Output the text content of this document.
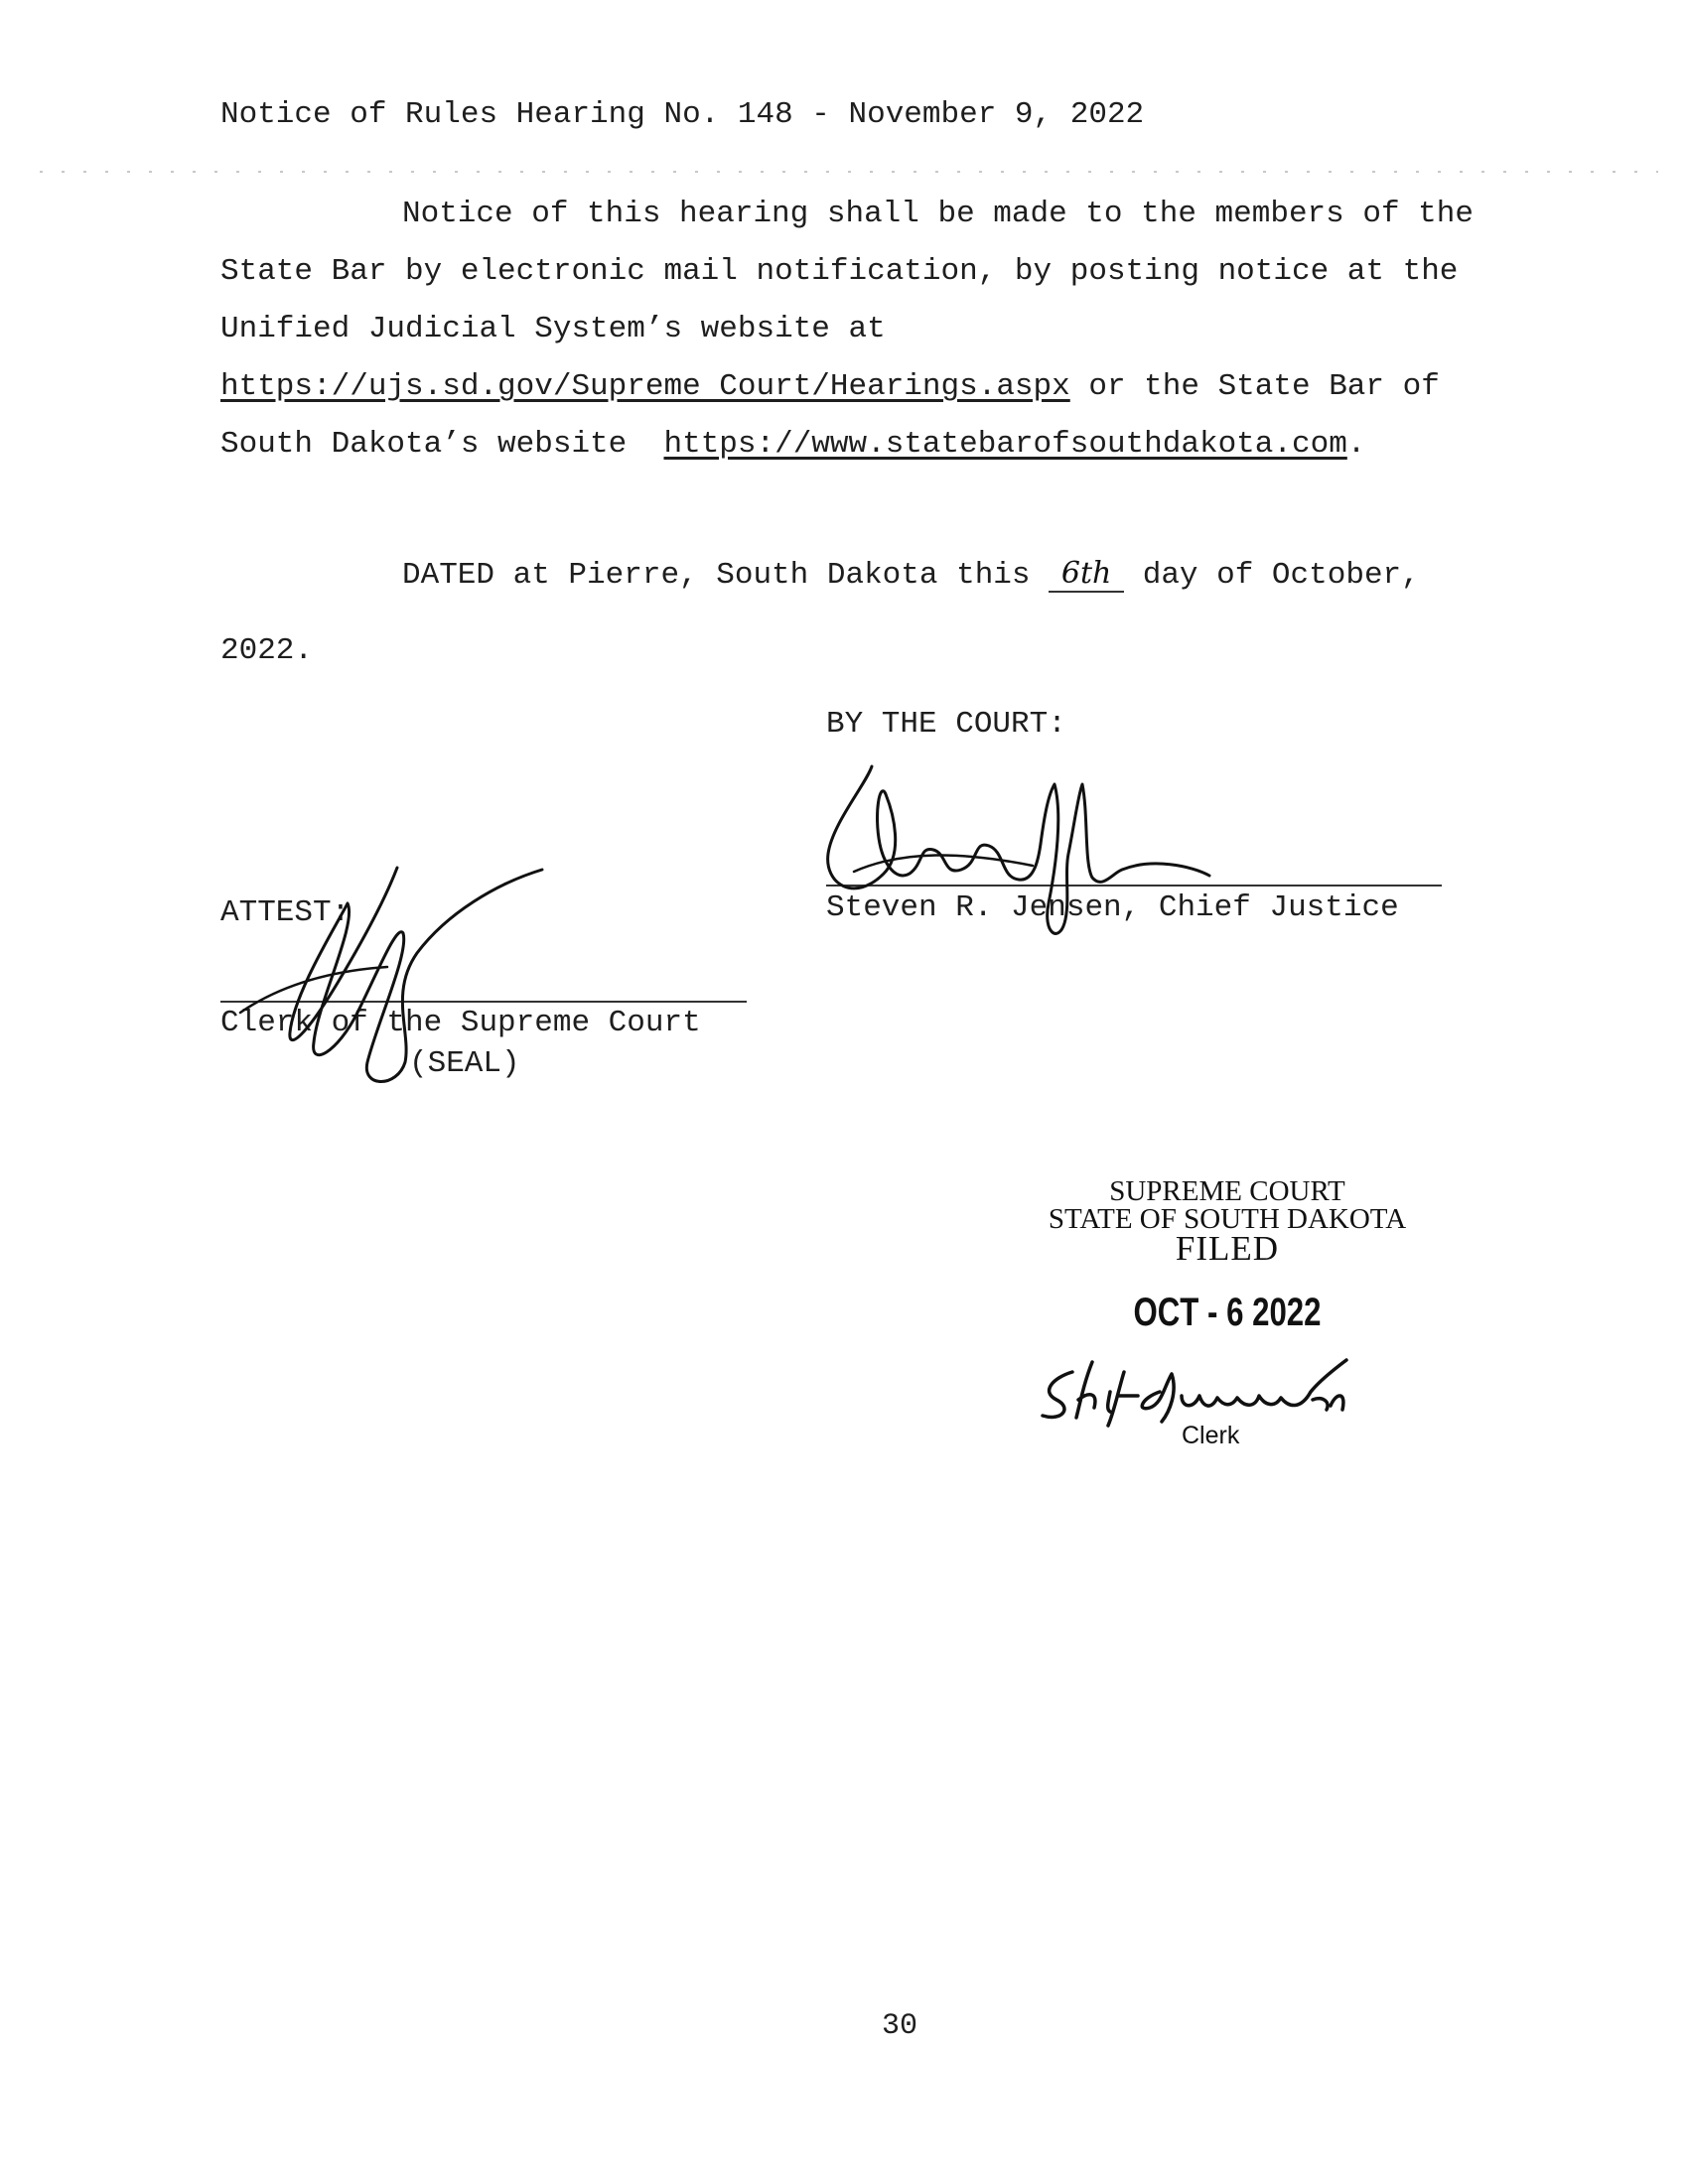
Notice of Rules Hearing No. 148 - November 9, 2022
Notice of this hearing shall be made to the members of the
State Bar by electronic mail notification, by posting notice at the
Unified Judicial System’s website at
https://ujs.sd.gov/Supreme Court/Hearings.aspx or the State Bar of
South Dakota’s website  https://www.statebarofsouthdakota.com.
DATED at Pierre, South Dakota this 6th day of October,
2022.
BY THE COURT:
Steven R. Jensen, Chief Justice
ATTEST:
Clerk of the Supreme Court
(SEAL)
SUPREME COURT
STATE OF SOUTH DAKOTA
FILED
OCT - 6 2022
Clerk
30
